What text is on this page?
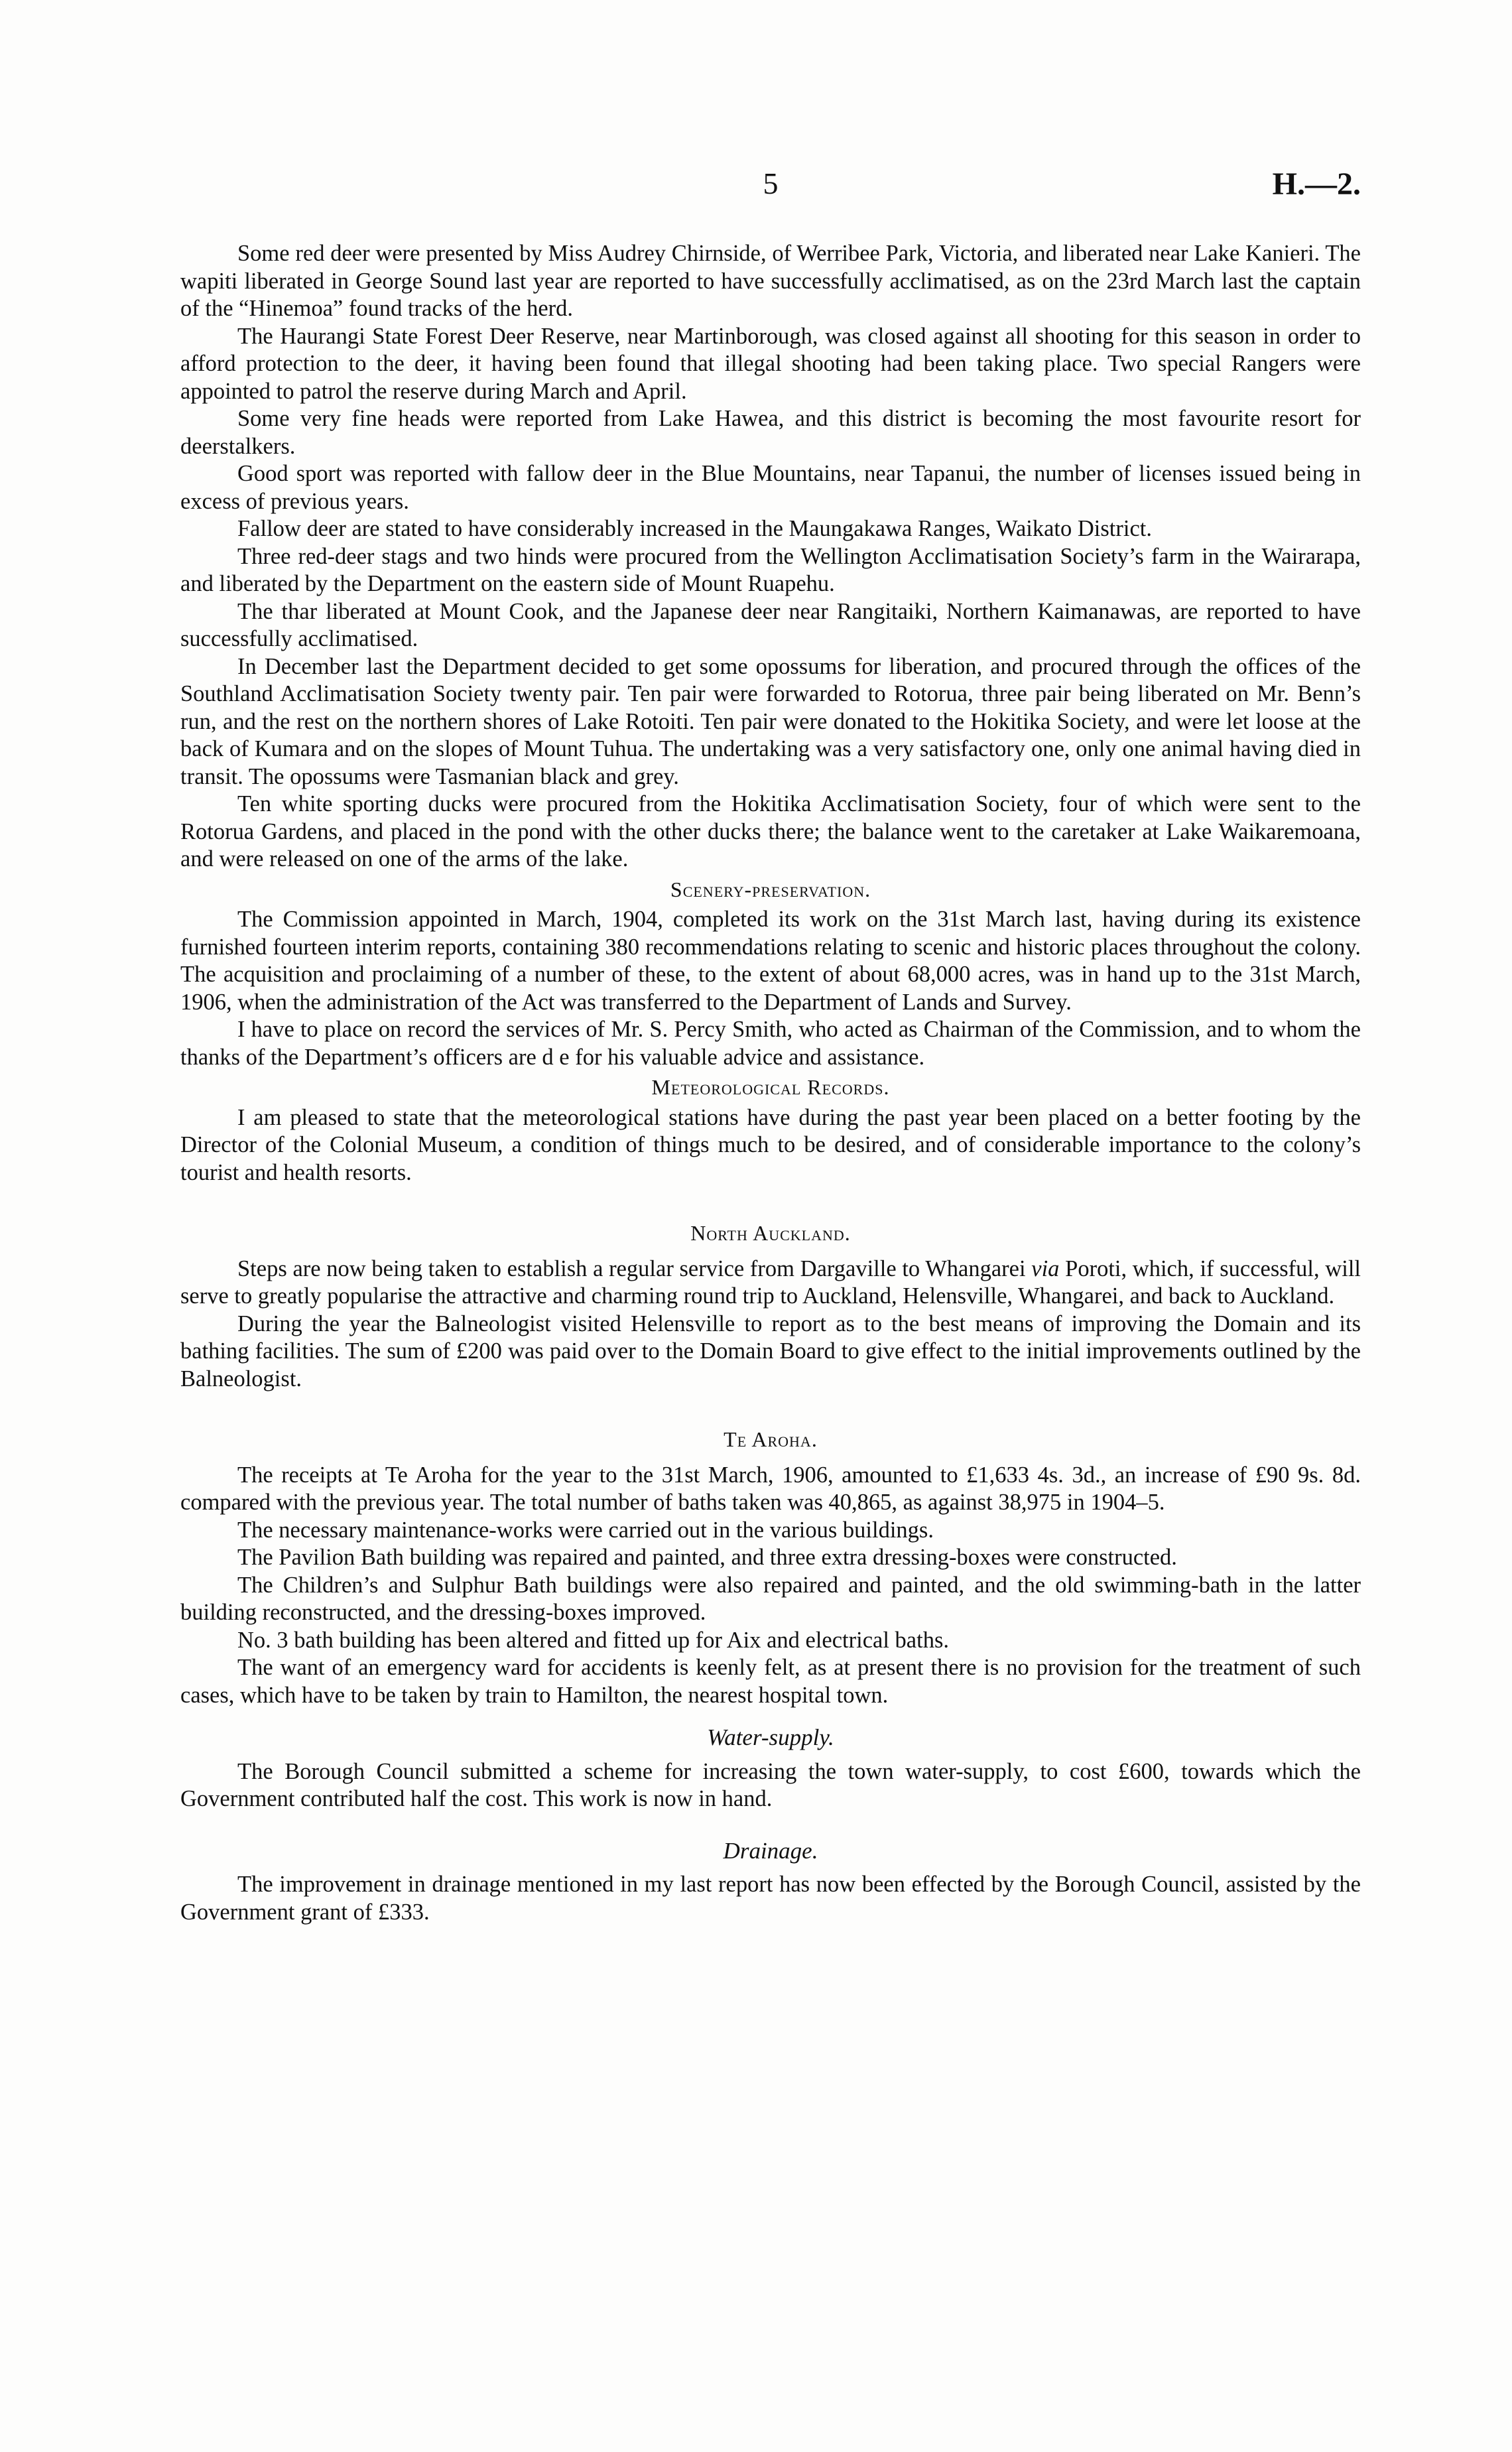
5	H.—2.

Some red deer were presented by Miss Audrey Chirnside, of Werribee Park, Victoria, and liberated near Lake Kanieri. The wapiti liberated in George Sound last year are reported to have successfully acclimatised, as on the 23rd March last the captain of the “Hinemoa” found tracks of the herd.

The Haurangi State Forest Deer Reserve, near Martinborough, was closed against all shooting for this season in order to afford protection to the deer, it having been found that illegal shooting had been taking place. Two special Rangers were appointed to patrol the reserve during March and April.

Some very fine heads were reported from Lake Hawea, and this district is becoming the most favourite resort for deerstalkers.

Good sport was reported with fallow deer in the Blue Mountains, near Tapanui, the number of licenses issued being in excess of previous years.

Fallow deer are stated to have considerably increased in the Maungakawa Ranges, Waikato District.

Three red-deer stags and two hinds were procured from the Wellington Acclimatisation Society’s farm in the Wairarapa, and liberated by the Department on the eastern side of Mount Ruapehu.

The thar liberated at Mount Cook, and the Japanese deer near Rangitaiki, Northern Kaimanawas, are reported to have successfully acclimatised.

In December last the Department decided to get some opossums for liberation, and procured through the offices of the Southland Acclimatisation Society twenty pair. Ten pair were forwarded to Rotorua, three pair being liberated on Mr. Benn’s run, and the rest on the northern shores of Lake Rotoiti. Ten pair were donated to the Hokitika Society, and were let loose at the back of Kumara and on the slopes of Mount Tuhua. The undertaking was a very satisfactory one, only one animal having died in transit. The opossums were Tasmanian black and grey.

Ten white sporting ducks were procured from the Hokitika Acclimatisation Society, four of which were sent to the Rotorua Gardens, and placed in the pond with the other ducks there; the balance went to the caretaker at Lake Waikaremoana, and were released on one of the arms of the lake.

Scenery-preservation.

The Commission appointed in March, 1904, completed its work on the 31st March last, having during its existence furnished fourteen interim reports, containing 380 recommendations relating to scenic and historic places throughout the colony. The acquisition and proclaiming of a number of these, to the extent of about 68,000 acres, was in hand up to the 31st March, 1906, when the administration of the Act was transferred to the Department of Lands and Survey.

I have to place on record the services of Mr. S. Percy Smith, who acted as Chairman of the Commission, and to whom the thanks of the Department’s officers are d e for his valuable advice and assistance.

Meteorological Records.

I am pleased to state that the meteorological stations have during the past year been placed on a better footing by the Director of the Colonial Museum, a condition of things much to be desired, and of considerable importance to the colony’s tourist and health resorts.

North Auckland.

Steps are now being taken to establish a regular service from Dargaville to Whangarei via Poroti, which, if successful, will serve to greatly popularise the attractive and charming round trip to Auckland, Helensville, Whangarei, and back to Auckland.

During the year the Balneologist visited Helensville to report as to the best means of improving the Domain and its bathing facilities. The sum of £200 was paid over to the Domain Board to give effect to the initial improvements outlined by the Balneologist.

Te Aroha.

The receipts at Te Aroha for the year to the 31st March, 1906, amounted to £1,633 4s. 3d., an increase of £90 9s. 8d. compared with the previous year. The total number of baths taken was 40,865, as against 38,975 in 1904–5.

The necessary maintenance-works were carried out in the various buildings.

The Pavilion Bath building was repaired and painted, and three extra dressing-boxes were constructed.

The Children’s and Sulphur Bath buildings were also repaired and painted, and the old swimming-bath in the latter building reconstructed, and the dressing-boxes improved.

No. 3 bath building has been altered and fitted up for Aix and electrical baths.

The want of an emergency ward for accidents is keenly felt, as at present there is no provision for the treatment of such cases, which have to be taken by train to Hamilton, the nearest hospital town.

Water-supply.

The Borough Council submitted a scheme for increasing the town water-supply, to cost £600, towards which the Government contributed half the cost. This work is now in hand.

Drainage.

The improvement in drainage mentioned in my last report has now been effected by the Borough Council, assisted by the Government grant of £333.
